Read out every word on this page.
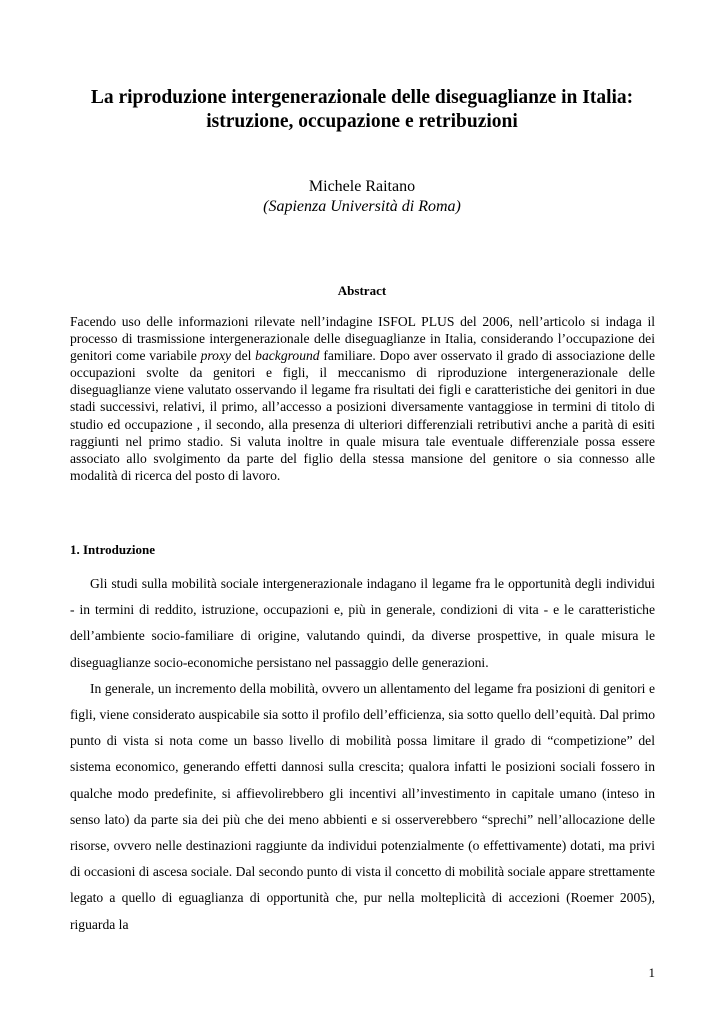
La riproduzione intergenerazionale delle diseguaglianze in Italia:
istruzione, occupazione e retribuzioni
Michele Raitano
(Sapienza Università di Roma)
Abstract
Facendo uso delle informazioni rilevate nell’indagine ISFOL PLUS del 2006, nell’articolo si indaga il processo di trasmissione intergenerazionale delle diseguaglianze in Italia, considerando l’occupazione dei genitori come variabile proxy del background familiare. Dopo aver osservato il grado di associazione delle occupazioni svolte da genitori e figli, il meccanismo di riproduzione intergenerazionale delle diseguaglianze viene valutato osservando il legame fra risultati dei figli e caratteristiche dei genitori in due stadi successivi, relativi, il primo, all’accesso a posizioni diversamente vantaggiose in termini di titolo di studio ed occupazione , il secondo, alla presenza di ulteriori differenziali retributivi anche a parità di esiti raggiunti nel primo stadio. Si valuta inoltre in quale misura tale eventuale differenziale possa essere associato allo svolgimento da parte del figlio della stessa mansione del genitore o sia connesso alle modalità di ricerca del posto di lavoro.
1. Introduzione

Gli studi sulla mobilità sociale intergenerazionale indagano il legame fra le opportunità degli individui - in termini di reddito, istruzione, occupazioni e, più in generale, condizioni di vita - e le caratteristiche dell’ambiente socio-familiare di origine, valutando quindi, da diverse prospettive, in quale misura le diseguaglianze socio-economiche persistano nel passaggio delle generazioni.

In generale, un incremento della mobilità, ovvero un allentamento del legame fra posizioni di genitori e figli, viene considerato auspicabile sia sotto il profilo dell’efficienza, sia sotto quello dell’equità. Dal primo punto di vista si nota come un basso livello di mobilità possa limitare il grado di “competizione” del sistema economico, generando effetti dannosi sulla crescita; qualora infatti le posizioni sociali fossero in qualche modo predefinite, si affievolirebbero gli incentivi all’investimento in capitale umano (inteso in senso lato) da parte sia dei più che dei meno abbienti e si osserverebbero “sprechi” nell’allocazione delle risorse, ovvero nelle destinazioni raggiunte da individui potenzialmente (o effettivamente) dotati, ma privi di occasioni di ascesa sociale. Dal secondo punto di vista il concetto di mobilità sociale appare strettamente legato a quello di eguaglianza di opportunità che, pur nella molteplicità di accezioni (Roemer 2005), riguarda la

1
